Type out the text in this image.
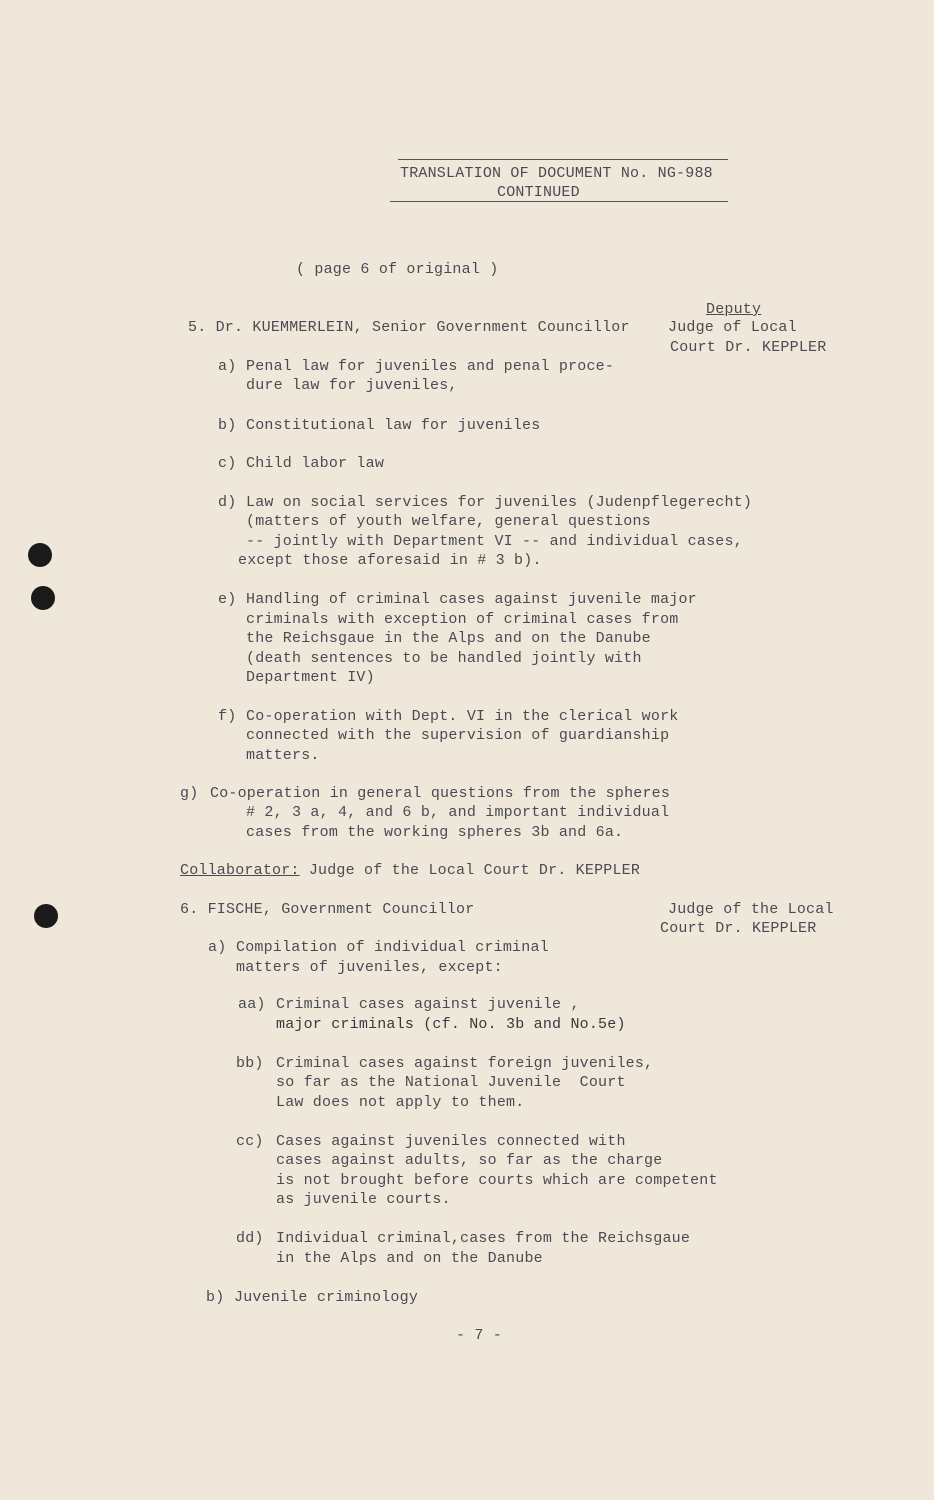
TRANSLATION OF DOCUMENT No. NG-988
CONTINUED
( page 6 of original )
Deputy
5. Dr. KUEMMERLEIN, Senior Government Councillor	Judge of Local
Court Dr. KEPPLER
a) Penal law for juveniles and penal proce-
dure law for juveniles,
b) Constitutional law for juveniles
c) Child labor law
d) Law on social services for juveniles (Judenpflegerecht)
(matters of youth welfare, general questions
-- jointly with Department VI -- and individual cases,
except those aforesaid in # 3 b).
e) Handling of criminal cases against juvenile major
criminals with exception of criminal cases from
the Reichsgaue in the Alps and on the Danube
(death sentences to be handled jointly with
Department IV)
f) Co-operation with Dept. VI in the clerical work
connected with the supervision of guardianship
matters.
g) Co-operation in general questions from the spheres
# 2, 3 a, 4, and 6 b, and important individual
cases from the working spheres 3b and 6a.
Collaborator: Judge of the Local Court Dr. KEPPLER
6. FISCHE, Government Councillor	Judge of the Local
Court Dr. KEPPLER
a) Compilation of individual criminal
matters of juveniles, except:
aa) Criminal cases against juvenile ,
major criminals (cf. No. 3b and No.5e)
bb) Criminal cases against foreign juveniles,
so far as the National Juvenile  Court
Law does not apply to them.
cc) Cases against juveniles connected with
cases against adults, so far as the charge
is not brought before courts which are competent
as juvenile courts.
dd) Individual criminal,cases from the Reichsgaue
in the Alps and on the Danube
b) Juvenile criminology
- 7 -
